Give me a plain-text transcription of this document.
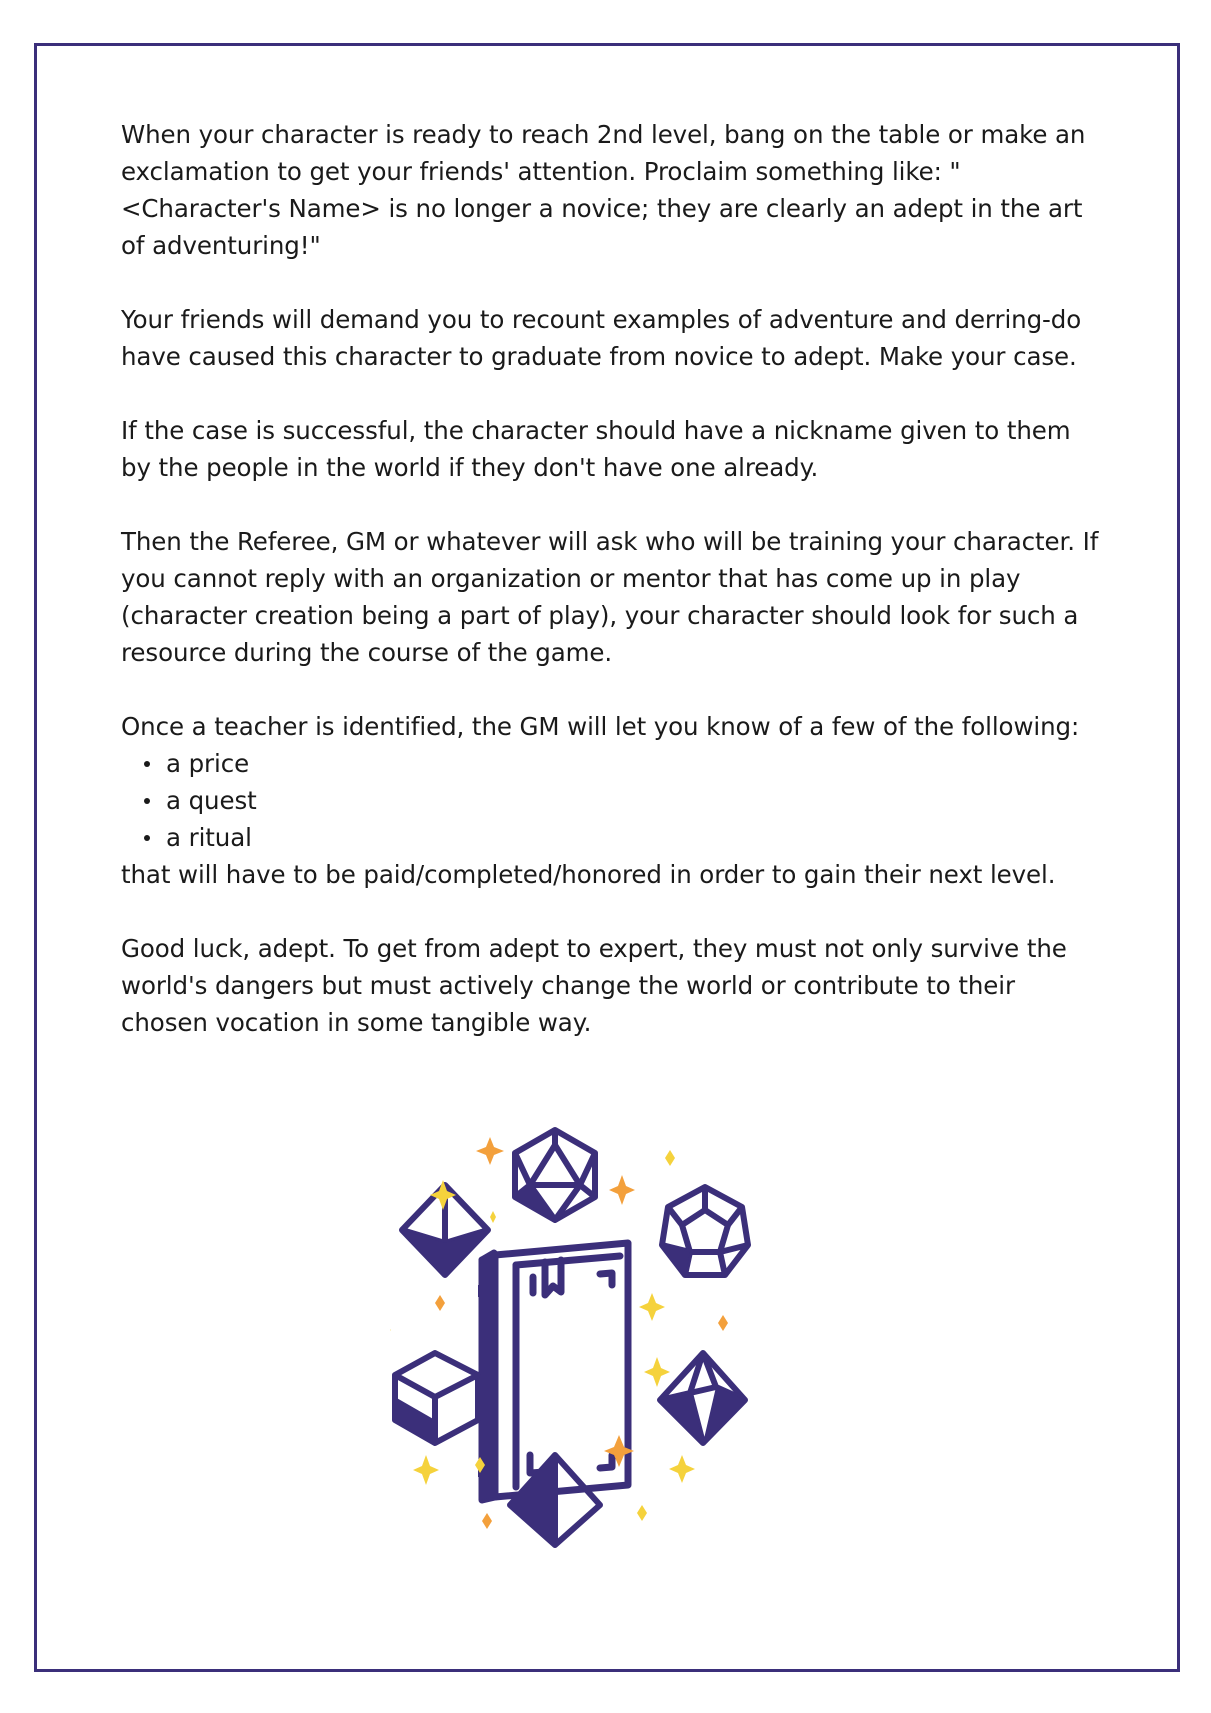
When your character is ready to reach 2nd level, bang on the table or make an exclamation to get your friends' attention. Proclaim something like: "<Character's Name> is no longer a novice; they are clearly an adept in the art of adventuring!"

Your friends will demand you to recount examples of adventure and derring-do have caused this character to graduate from novice to adept. Make your case.

If the case is successful, the character should have a nickname given to them by the people in the world if they don't have one already.

Then the Referee, GM or whatever will ask who will be training your character. If you cannot reply with an organization or mentor that has come up in play (character creation being a part of play), your character should look for such a resource during the course of the game.

Once a teacher is identified, the GM will let you know of a few of the following:

a price
a quest
a ritual
that will have to be paid/completed/honored in order to gain their next level.

Good luck, adept. To get from adept to expert, they must not only survive the world's dangers but must actively change the world or contribute to their chosen vocation in some tangible way.
